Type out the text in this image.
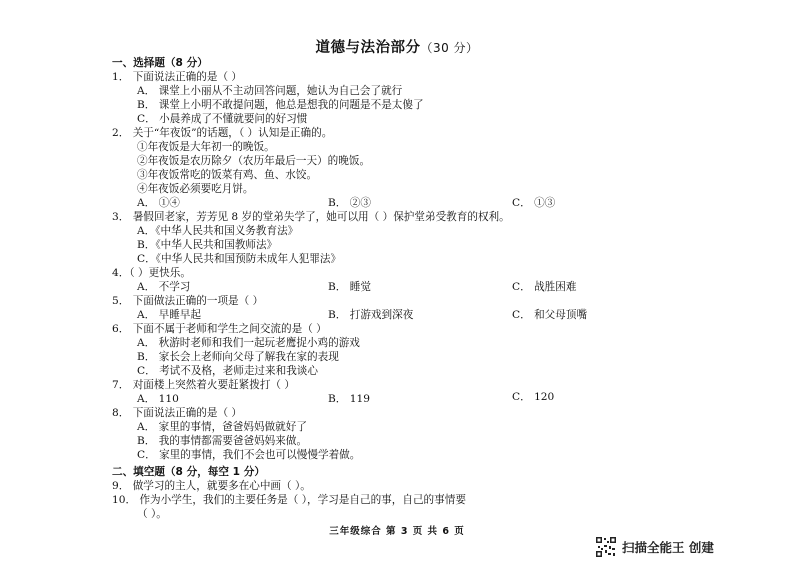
道德与法治部分（30 分）
一、选择题（8 分）
1． 下面说法正确的是（ ）
A． 课堂上小丽从不主动回答问题，她认为自己会了就行
B． 课堂上小明不敢提问题，他总是想我的问题是不是太傻了
C． 小晨养成了不懂就要问的好习惯
2． 关于“年夜饭”的话题，（ ）认知是正确的。
①年夜饭是大年初一的晚饭。
②年夜饭是农历除夕（农历年最后一天）的晚饭。
③年夜饭常吃的饭菜有鸡、鱼、水饺。
④年夜饭必须要吃月饼。
A． ①④	B． ②③	C． ①③
3． 暑假回老家，芳芳见 8 岁的堂弟失学了，她可以用（ ）保护堂弟受教育的权利。
A．《中华人民共和国义务教育法》
B．《中华人民共和国教师法》
C．《中华人民共和国预防未成年人犯罪法》
4．（ ）更快乐。
A． 不学习	B． 睡觉	C． 战胜困难
5． 下面做法正确的一项是（ ）
A． 早睡早起	B． 打游戏到深夜	C． 和父母顶嘴
6． 下面不属于老师和学生之间交流的是（ ）
A． 秋游时老师和我们一起玩老鹰捉小鸡的游戏
B． 家长会上老师向父母了解我在家的表现
C． 考试不及格，老师走过来和我谈心
7． 对面楼上突然着火要赶紧拨打（ ）
A． 110	B． 119	C． 120
8． 下面说法正确的是（ ）
A． 家里的事情，爸爸妈妈做就好了
B． 我的事情都需要爸爸妈妈来做。
C． 家里的事情，我们不会也可以慢慢学着做。
二、填空题（8 分，每空 1 分）
9． 做学习的主人，就要多在心中画（ ）。
10． 作为小学生，我们的主要任务是（ ），学习是自己的事，自己的事情要
（ ）。
三年级综合 第 3 页 共 6 页
扫描全能王 创建
